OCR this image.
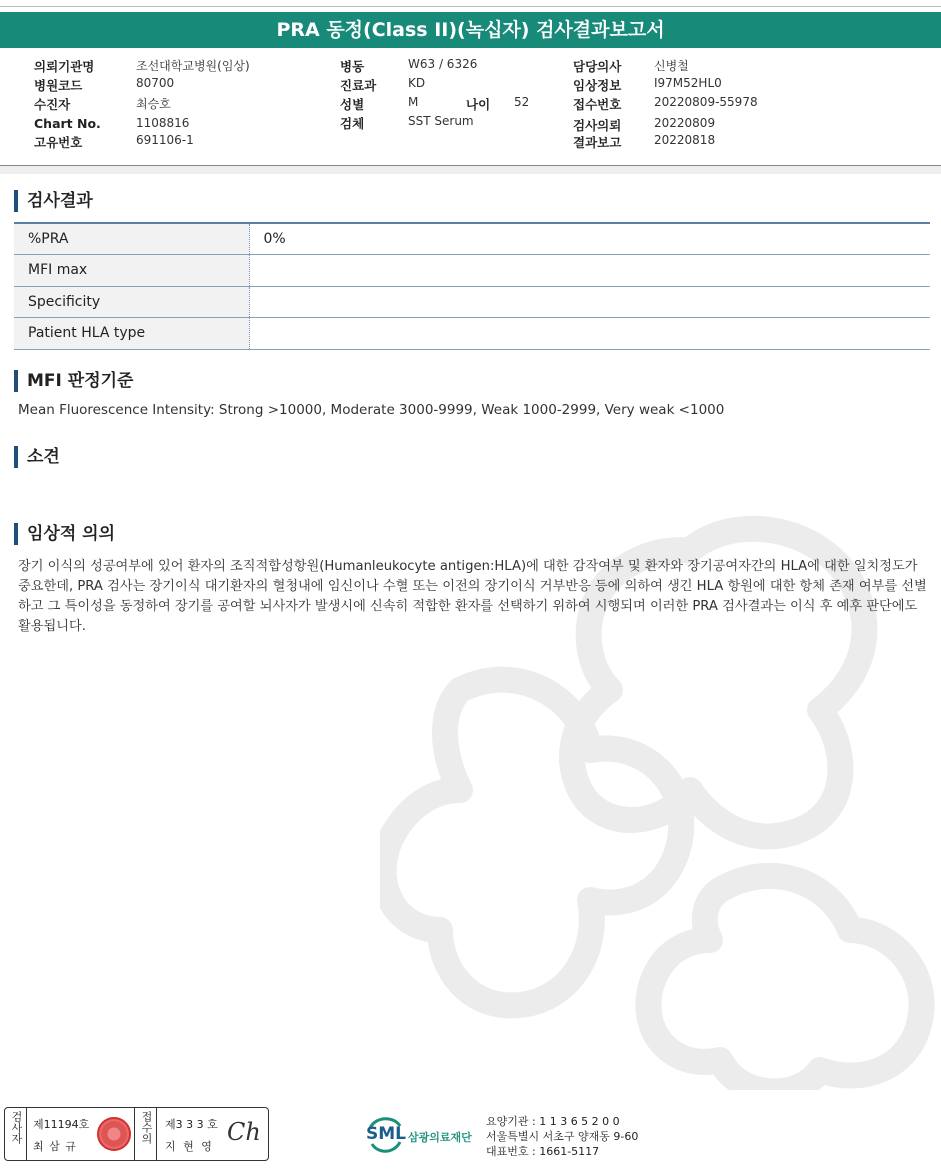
PRA 동정(Class II)(녹십자) 검사결과보고서
의뢰기관명	조선대학교병원(임상)
병원코드	80700
수진자	최승호
Chart No.	1108816
고유번호	691106-1
병동	W63 / 6326
진료과	KD
성별	M	나이 52
검체	SST Serum
담당의사	신병철
임상정보	I97M52HL0
접수번호	20220809-55978
검사의뢰	20220809
결과보고	20220818
검사결과
%PRA	0%
MFI max	
Specificity	
Patient HLA type	
MFI 판정기준
Mean Fluorescence Intensity: Strong >10000, Moderate 3000-9999, Weak 1000-2999, Very weak <1000
소견
임상적 의의
장기 이식의 성공여부에 있어 환자의 조직적합성항원(Humanleukocyte antigen:HLA)에 대한 감작여부 및 환자와 장기공여자간의 HLA에 대한 일치정도가 중요한데, PRA 검사는 장기이식 대기환자의 혈청내에 임신이나 수혈 또는 이전의 장기이식 거부반응 등에 의하여 생긴 HLA 항원에 대한 항체 존재 여부를 선별하고 그 특이성을 동정하여 장기를 공여할 뇌사자가 발생시에 신속히 적합한 환자를 선택하기 위하여 시행되며 이러한 PRA 검사결과는 이식 후 예후 판단에도 활용됩니다.
검사자 제11194호
최 삼 규
접수의 제3 3 3 호
지 현 영
Ch	SML 삼광의료재단
요양기관 : 1 1 3 6 5 2 0 0
서울특별시 서초구 양재동 9-60
대표번호 : 1661-5117
